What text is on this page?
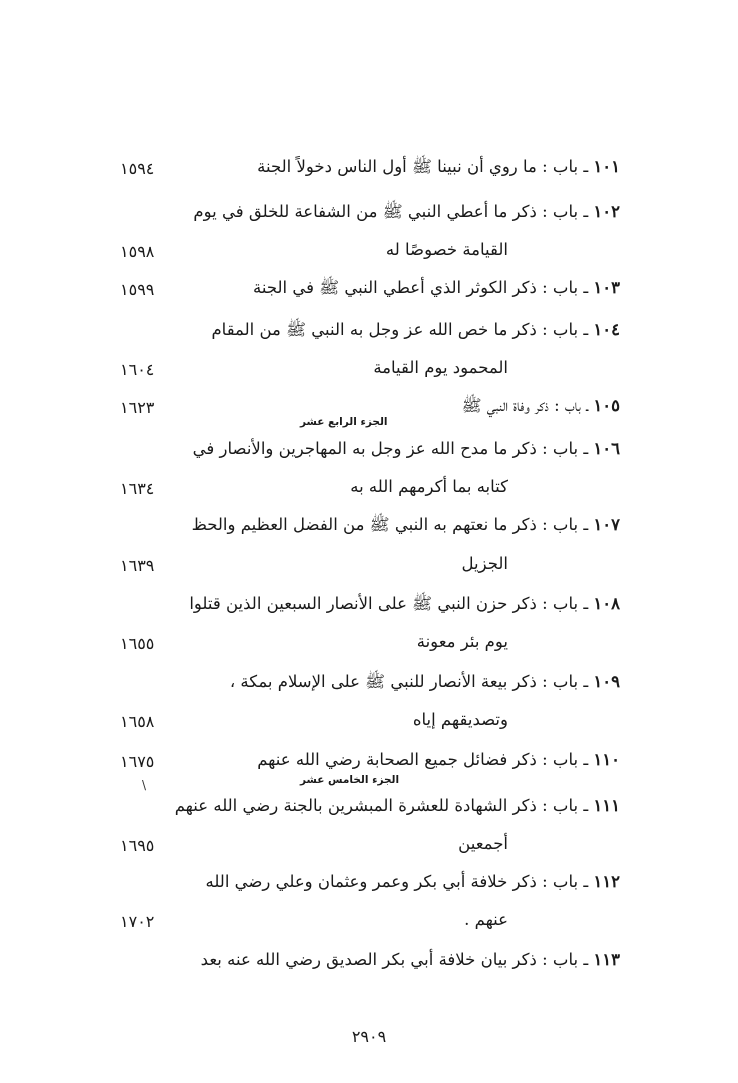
١٠١ ـ باب : ما روي أن نبينا ﷺ أول الناس دخولاً الجنة
١٥٩٤
١٠٢ ـ باب : ذكر ما أعطي النبي ﷺ من الشفاعة للخلق في يوم
القيامة خصوصًا له
١٥٩٨
١٠٣ ـ باب : ذكر الكوثر الذي أعطي النبي ﷺ في الجنة
١٥٩٩
١٠٤ ـ باب : ذكر ما خص الله عز وجل به النبي ﷺ من المقام
المحمود يوم القيامة
١٦٠٤
١٠٥ ـ باب : ذكر وفاة النبي ﷺ
١٦٢٣
الجزء الرابع عشر
١٠٦ ـ باب : ذكر ما مدح الله عز وجل به المهاجرين والأنصار في
كتابه بما أكرمهم الله به
١٦٣٤
١٠٧ ـ باب : ذكر ما نعتهم به النبي ﷺ من الفضل العظيم والحظ
الجزيل
١٦٣٩
١٠٨ ـ باب : ذكر حزن النبي ﷺ على الأنصار السبعين الذين قتلوا
يوم بئر معونة
١٦٥٥
١٠٩ ـ باب : ذكر بيعة الأنصار للنبي ﷺ على الإسلام بمكة ،
وتصديقهم إياه
١٦٥٨
١١٠ ـ باب : ذكر فضائل جميع الصحابة رضي الله عنهم
١٦٧٥
\	الجزء الخامس عشر
١١١ ـ باب : ذكر الشهادة للعشرة المبشرين بالجنة رضي الله عنهم
أجمعين
١٦٩٥
١١٢ ـ باب : ذكر خلافة أبي بكر وعمر وعثمان وعلي رضي الله
عنهم .
١٧٠٢
١١٣ ـ باب : ذكر بيان خلافة أبي بكر الصديق رضي الله عنه بعد
٢٩٠٩
